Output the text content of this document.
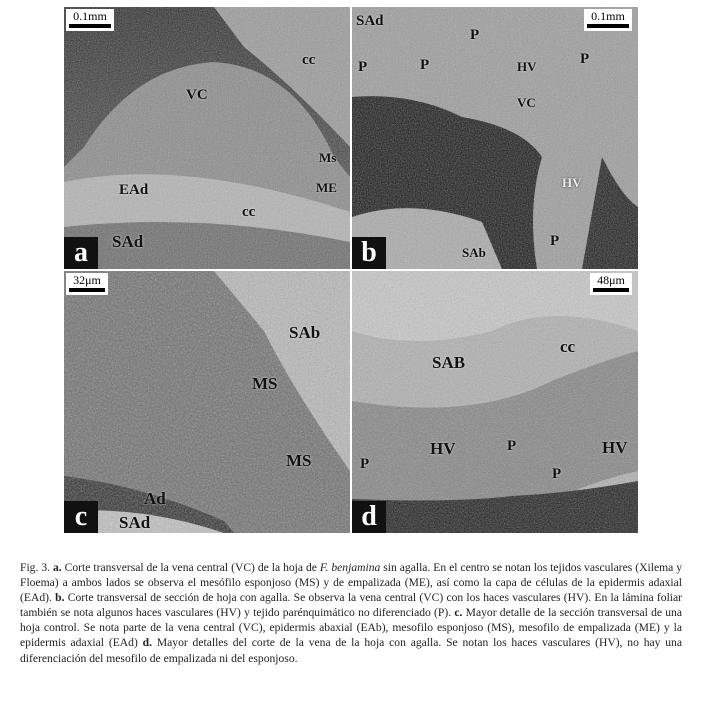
0.1mm
cc
VC
Ms
ME
EAd
cc
SAd
a
0.1mm
SAd
P
P
P	P
HV
VC
HV
SAb
P
b
32μm
SAb
MS
MS
Ad
SAd
c
48μm
cc
SAB
P
HV	P
P
HV
d
Fig. 3. a. Corte transversal de la vena central (VC) de la hoja de F. benjamina sin agalla. En el centro se notan los tejidos vasculares (Xilema y Floema) a ambos lados se observa el mesófilo esponjoso (MS) y de empalizada (ME), así como la capa de células de la epidermis adaxial (EAd). b. Corte transversal de sección de hoja con agalla. Se observa la vena central (VC) con los haces vasculares (HV). En la lámina foliar también se nota algunos haces vasculares (HV) y tejido parénquimático no diferenciado (P). c. Mayor detalle de la sección transversal de una hoja control. Se nota parte de la vena central (VC), epidermis abaxial (EAb), mesofilo esponjoso (MS), mesofilo de empalizada (ME) y la epidermis adaxial (EAd) d. Mayor detalles del corte de la vena de la hoja con agalla. Se notan los haces vasculares (HV), no hay una diferenciación del mesofilo de empalizada ni del esponjoso.
